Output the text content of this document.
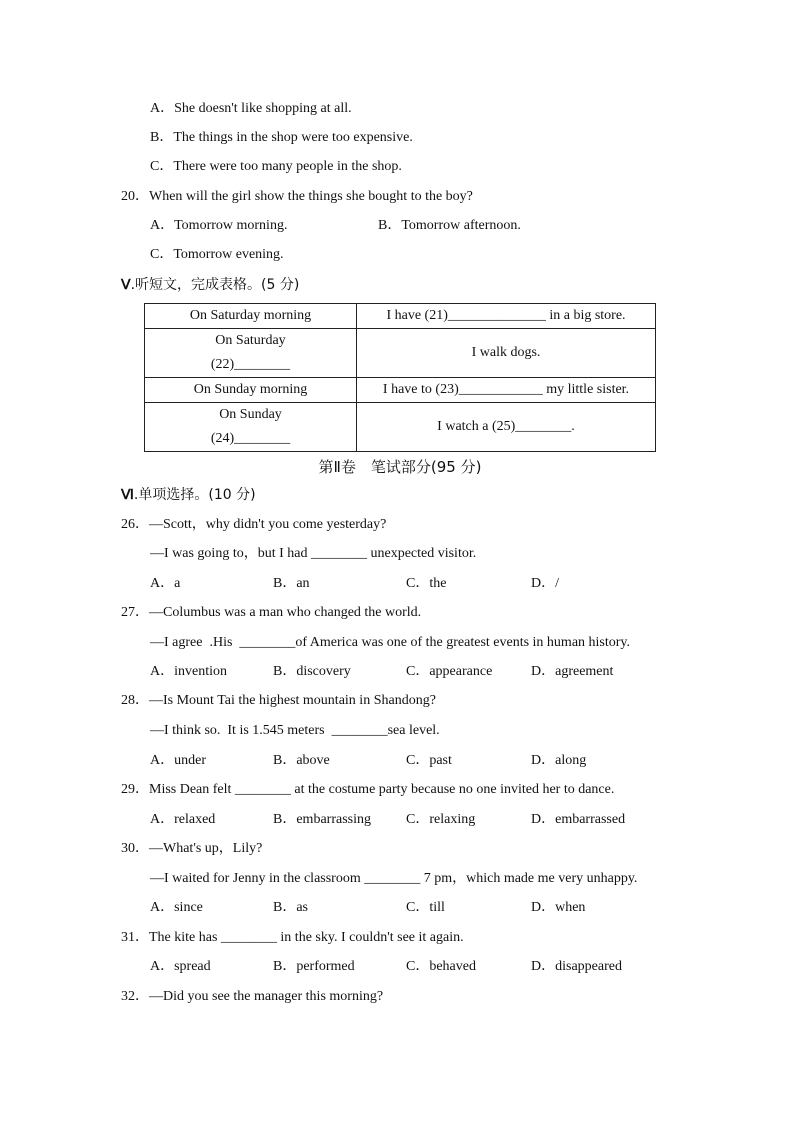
A．She doesn't like shopping at all.
B．The things in the shop were too expensive.
C．There were too many people in the shop.
20．When will the girl show the things she bought to the boy?
A．Tomorrow morning.	B．Tomorrow afternoon.
C．Tomorrow evening.
Ⅴ.听短文，完成表格。(5 分)
On Saturday morning	I have (21)______________ in a big store.

On Saturday
(22)________	I walk dogs.
On Sunday morning	I have to (23)____________ my little sister.

On Sunday
(24)________	I watch a (25)________.
第Ⅱ卷　笔试部分(95 分)
Ⅵ.单项选择。(10 分)
26．—Scott，why didn't you come yesterday?
—I was going to，but I had ________ unexpected visitor.

A．a

	B．an

	C．the

	D．/

27．—Columbus was a man who changed the world.
—I agree  .His  ________of America was one of the greatest events in human history.

A．invention

	B．discovery

	C．appearance

	D．agreement

28．—Is Mount Tai the highest mountain in Shandong?
—I think so.  It is 1.545 meters  ________sea level.

A．under

	B．above

	C．past

	D．along

29．Miss Dean felt ________ at the costume party because no one invited her to dance.

A．relaxed

	B．embarrassing

	C．relaxing

	D．embarrassed

30．—What's up，Lily?
—I waited for Jenny in the classroom ________ 7 pm，which made me very unhappy.

A．since

	B．as

	C．till

	D．when

31．The kite has ________ in the sky. I couldn't see it again.

A．spread

	B．performed

	C．behaved

	D．disappeared

32．—Did you see the manager this morning?
